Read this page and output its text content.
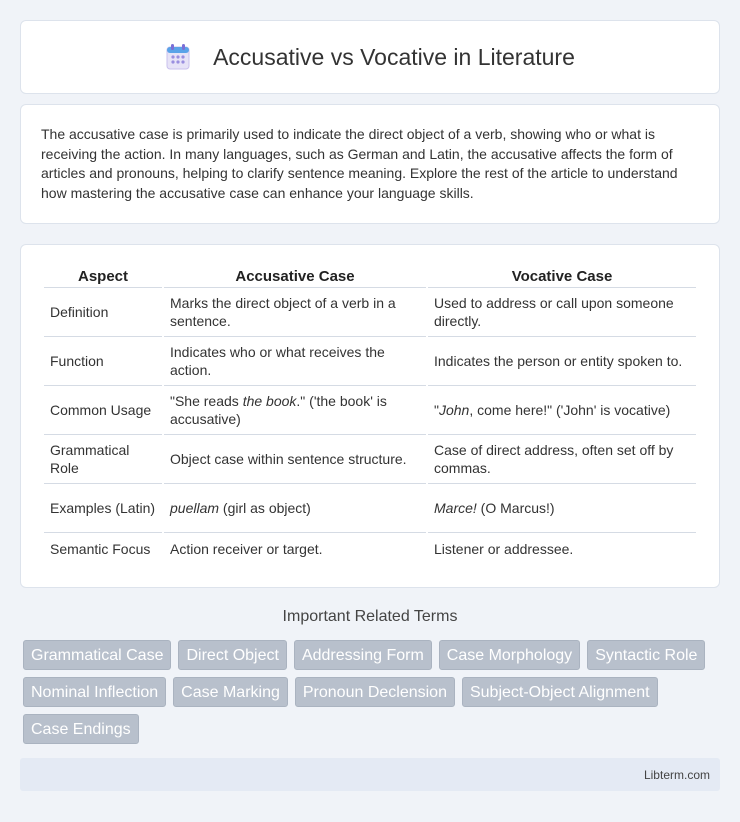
Accusative vs Vocative in Literature

The accusative case is primarily used to indicate the direct object of a verb, showing who or what is receiving the action. In many languages, such as German and Latin, the accusative affects the form of articles and pronouns, helping to clarify sentence meaning. Explore the rest of the article to understand how mastering the accusative case can enhance your language skills.

Aspect	Accusative Case	Vocative Case
Definition	Marks the direct object of a verb in a sentence.	Used to address or call upon someone directly.
Function	Indicates who or what receives the action.	Indicates the person or entity spoken to.
Common Usage	"She reads the book." ('the book' is accusative)	"John, come here!" ('John' is vocative)
Grammatical Role	Object case within sentence structure.	Case of direct address, often set off by commas.
Examples (Latin)	puellam (girl as object)	Marce! (O Marcus!)
Semantic Focus	Action receiver or target.	Listener or addressee.
Important Related Terms
Grammatical Case	Direct Object	Addressing Form	Case Morphology	Syntactic Role
Nominal Inflection	Case Marking	Pronoun Declension	Subject-Object Alignment
Case Endings
Libterm.com
